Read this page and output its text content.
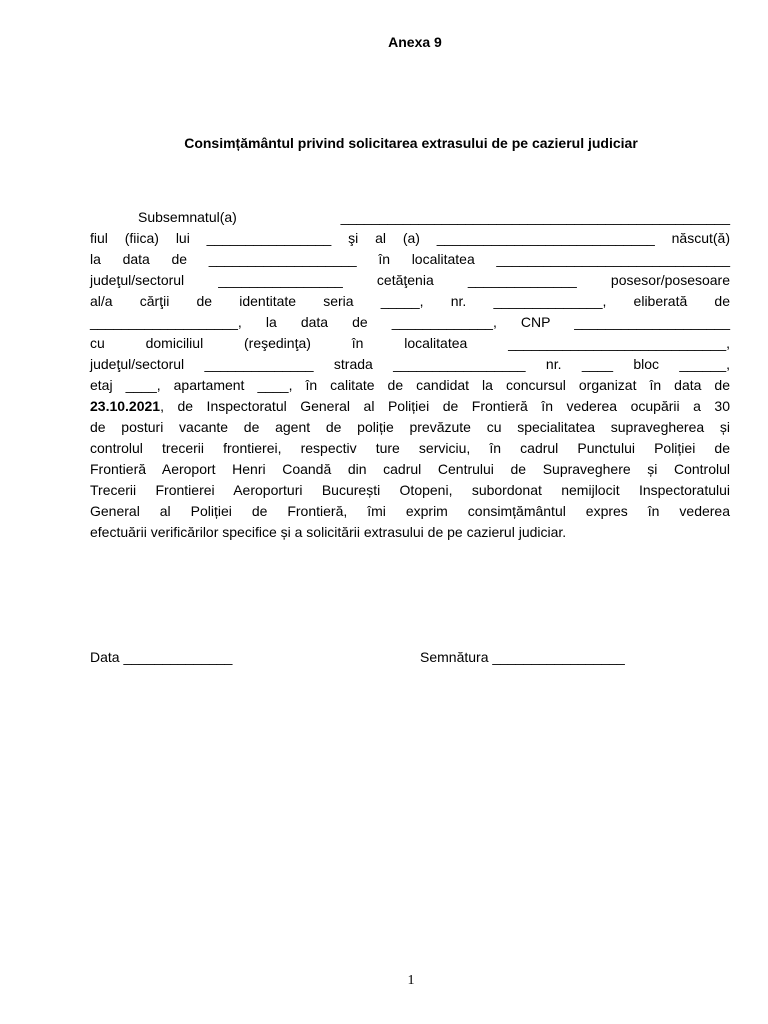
Anexa 9
Consimțământul privind solicitarea extrasului de pe cazierul judiciar
Subsemnatul(a) __________________________________________________
fiul (fiica) lui ________________ şi al (a) ____________________________ născut(ă)
la data de ___________________ în localitatea ______________________________
judeţul/sectorul ________________ cetăţenia ______________ posesor/posesoare
al/a cărţii de identitate seria _____, nr. ______________, eliberată de
___________________, la data de _____________, CNP ____________________
cu domiciliul (reşedinţa) în localitatea ____________________________,
judeţul/sectorul ______________ strada _________________ nr. ____ bloc ______,
etaj ____, apartament ____, în calitate de candidat la concursul organizat în data de
23.10.2021, de Inspectoratul General al Poliției de Frontieră în vederea ocupării a 30
de posturi vacante de agent de poliție prevăzute cu specialitatea supravegherea și
controlul trecerii frontierei, respectiv ture serviciu, în cadrul Punctului Poliției de
Frontieră Aeroport Henri Coandă din cadrul Centrului de Supraveghere și Controlul
Trecerii Frontierei Aeroporturi București Otopeni, subordonat nemijlocit Inspectoratului
General al Poliției de Frontieră, îmi exprim consimțământul expres în vederea
efectuării verificărilor specifice și a solicitării extrasului de pe cazierul judiciar.
Data ______________	Semnătura _________________
1
